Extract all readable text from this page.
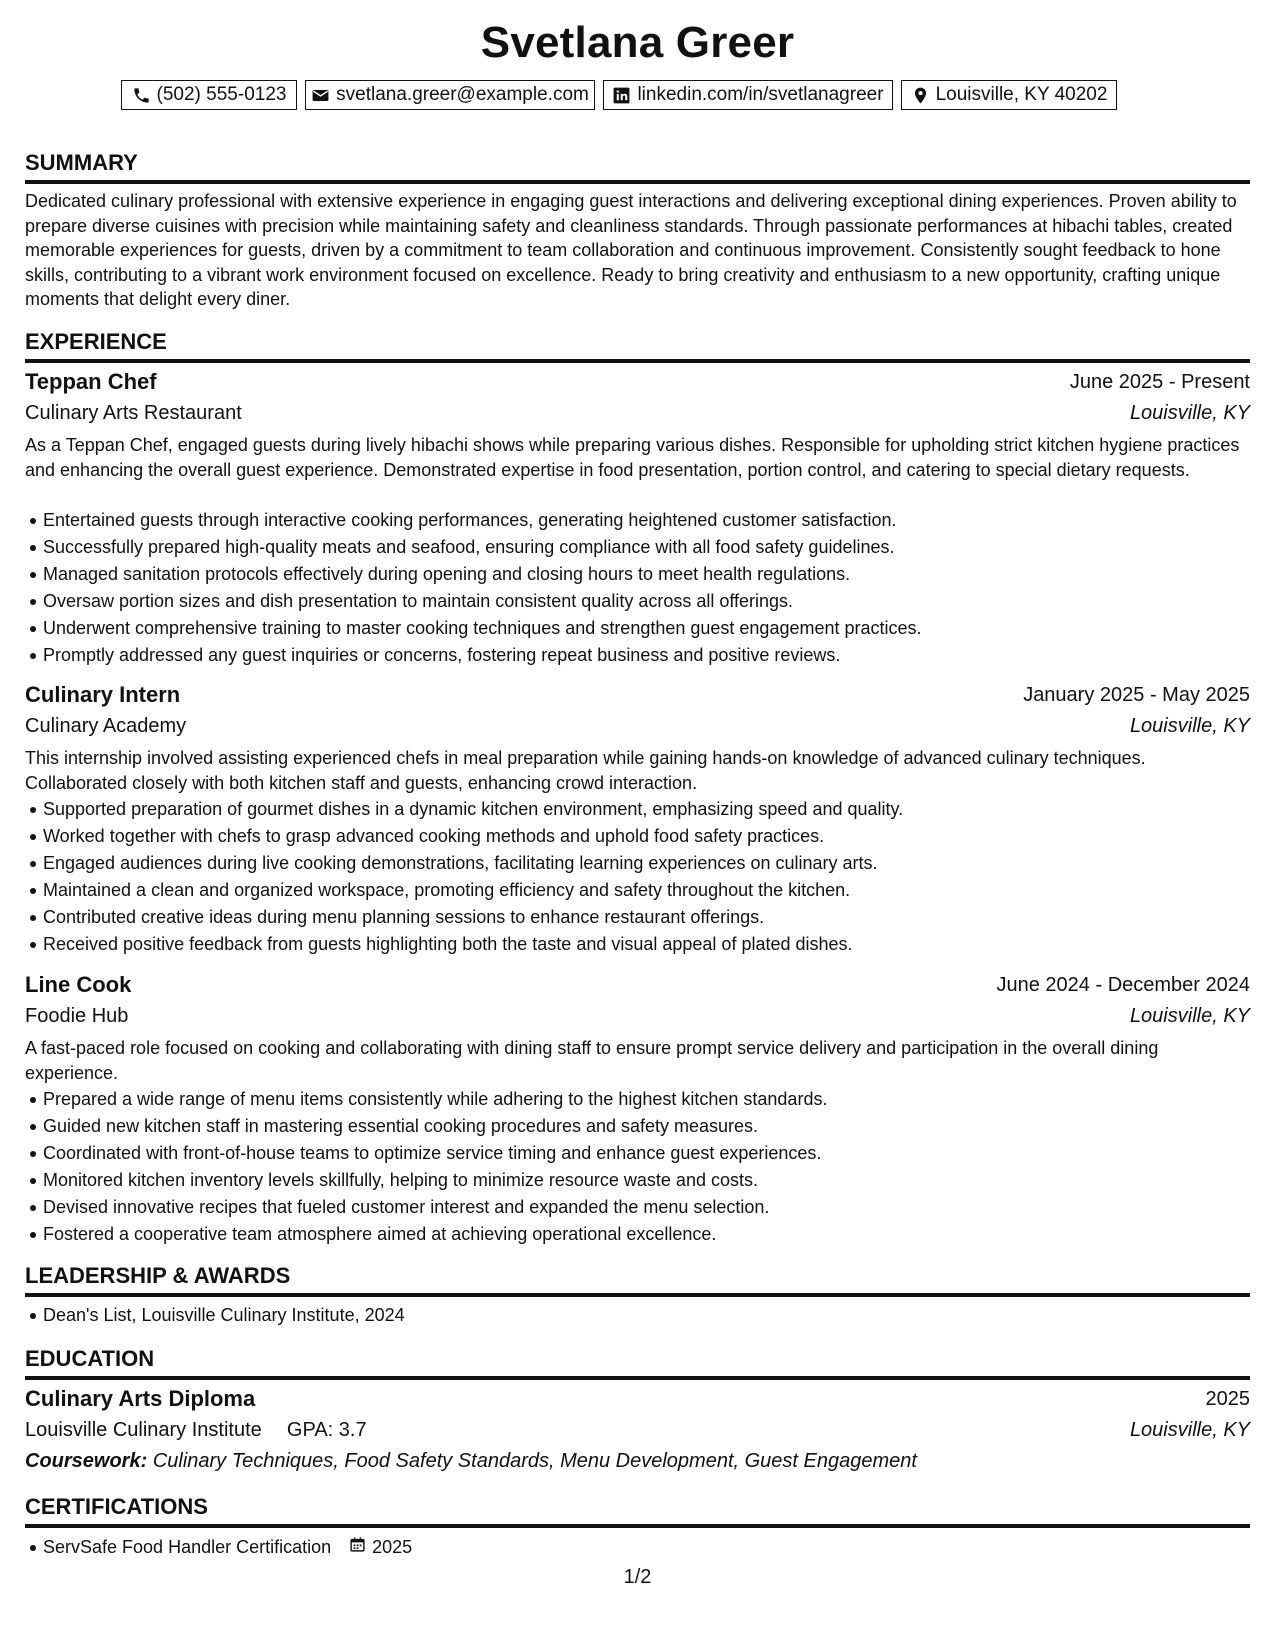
Svetlana Greer
(502) 555-0123	svetlana.greer@example.com	linkedin.com/in/svetlanagreer	Louisville, KY 40202
SUMMARY
Dedicated culinary professional with extensive experience in engaging guest interactions and delivering exceptional dining experiences. Proven ability to prepare diverse cuisines with precision while maintaining safety and cleanliness standards. Through passionate performances at hibachi tables, created memorable experiences for guests, driven by a commitment to team collaboration and continuous improvement. Consistently sought feedback to hone skills, contributing to a vibrant work environment focused on excellence. Ready to bring creativity and enthusiasm to a new opportunity, crafting unique moments that delight every diner.
EXPERIENCE
Teppan Chef	June 2025 - Present
Culinary Arts Restaurant	Louisville, KY
As a Teppan Chef, engaged guests during lively hibachi shows while preparing various dishes. Responsible for upholding strict kitchen hygiene practices and enhancing the overall guest experience. Demonstrated expertise in food presentation, portion control, and catering to special dietary requests.
Entertained guests through interactive cooking performances, generating heightened customer satisfaction.
Successfully prepared high-quality meats and seafood, ensuring compliance with all food safety guidelines.
Managed sanitation protocols effectively during opening and closing hours to meet health regulations.
Oversaw portion sizes and dish presentation to maintain consistent quality across all offerings.
Underwent comprehensive training to master cooking techniques and strengthen guest engagement practices.
Promptly addressed any guest inquiries or concerns, fostering repeat business and positive reviews.
Culinary Intern	January 2025 - May 2025
Culinary Academy	Louisville, KY
This internship involved assisting experienced chefs in meal preparation while gaining hands-on knowledge of advanced culinary techniques. Collaborated closely with both kitchen staff and guests, enhancing crowd interaction.
Supported preparation of gourmet dishes in a dynamic kitchen environment, emphasizing speed and quality.
Worked together with chefs to grasp advanced cooking methods and uphold food safety practices.
Engaged audiences during live cooking demonstrations, facilitating learning experiences on culinary arts.
Maintained a clean and organized workspace, promoting efficiency and safety throughout the kitchen.
Contributed creative ideas during menu planning sessions to enhance restaurant offerings.
Received positive feedback from guests highlighting both the taste and visual appeal of plated dishes.
Line Cook	June 2024 - December 2024
Foodie Hub	Louisville, KY
A fast-paced role focused on cooking and collaborating with dining staff to ensure prompt service delivery and participation in the overall dining experience.
Prepared a wide range of menu items consistently while adhering to the highest kitchen standards.
Guided new kitchen staff in mastering essential cooking procedures and safety measures.
Coordinated with front-of-house teams to optimize service timing and enhance guest experiences.
Monitored kitchen inventory levels skillfully, helping to minimize resource waste and costs.
Devised innovative recipes that fueled customer interest and expanded the menu selection.
Fostered a cooperative team atmosphere aimed at achieving operational excellence.
LEADERSHIP & AWARDS
Dean's List, Louisville Culinary Institute, 2024
EDUCATION
Culinary Arts Diploma	2025
Louisville Culinary Institute GPA: 3.7	Louisville, KY
Coursework: Culinary Techniques, Food Safety Standards, Menu Development, Guest Engagement
CERTIFICATIONS
ServSafe Food Handler Certification 2025
1/2
